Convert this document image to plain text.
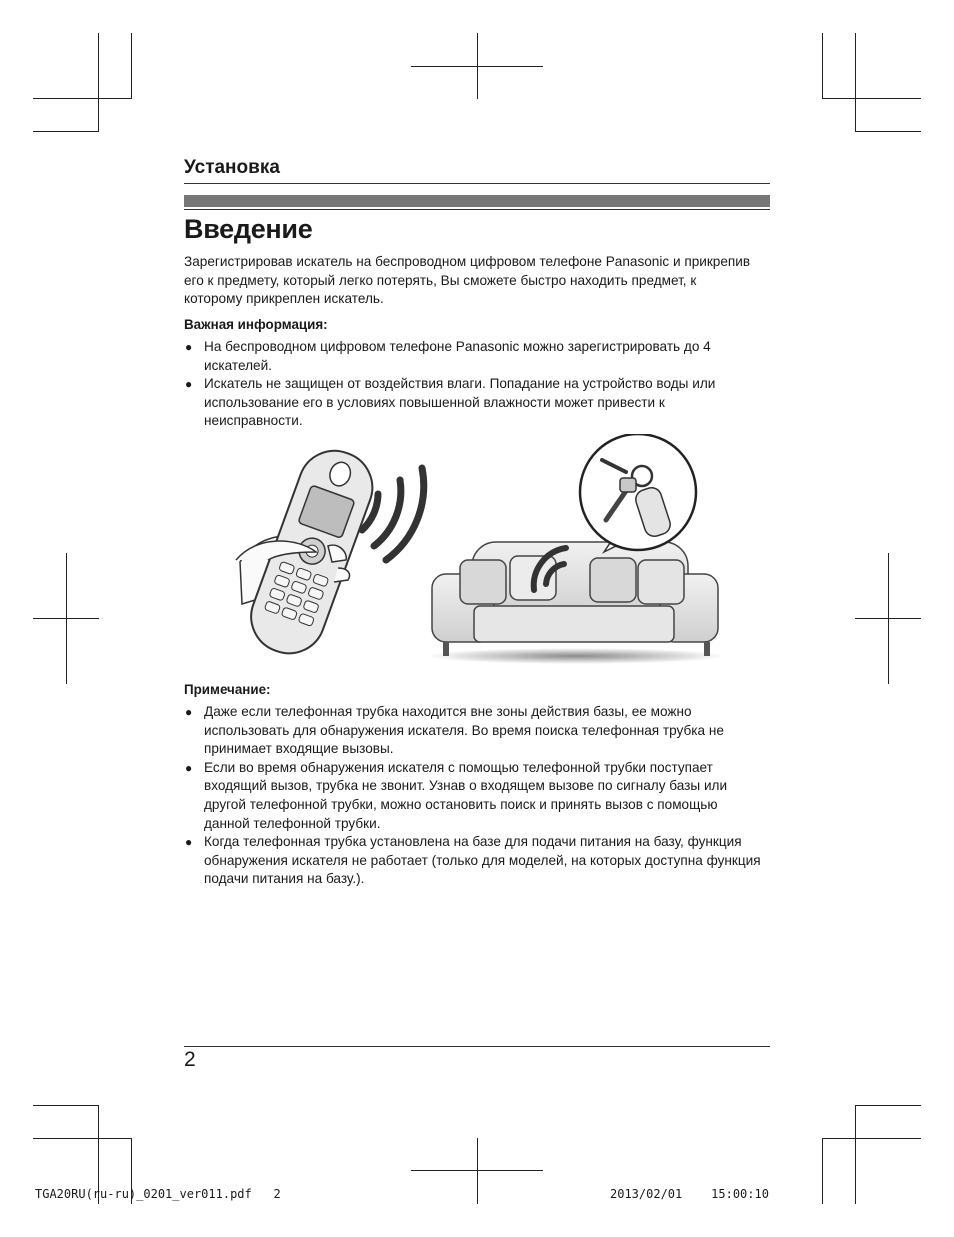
Установка
Введение
Зарегистрировав искатель на беспроводном цифровом телефоне Panasonic и прикрепив его к предмету, который легко потерять, Вы сможете быстро находить предмет, к которому прикреплен искатель.
Важная информация:
● На беспроводном цифровом телефоне Panasonic можно зарегистрировать до 4 искателей.
● Искатель не защищен от воздействия влаги. Попадание на устройство воды или использование его в условиях повышенной влажности может привести к неисправности.
Примечание:
● Даже если телефонная трубка находится вне зоны действия базы, ее можно использовать для обнаружения искателя. Во время поиска телефонная трубка не принимает входящие вызовы.
● Если во время обнаружения искателя с помощью телефонной трубки поступает входящий вызов, трубка не звонит. Узнав о входящем вызове по сигналу базы или другой телефонной трубки, можно остановить поиск и принять вызов с помощью данной телефонной трубки.
● Когда телефонная трубка установлена на базе для подачи питания на базу, функция обнаружения искателя не работает (только для моделей, на которых доступна функция подачи питания на базу.).
2
TGA20RU(ru-ru)_0201_ver011.pdf 2	2013/02/01 15:00:10
